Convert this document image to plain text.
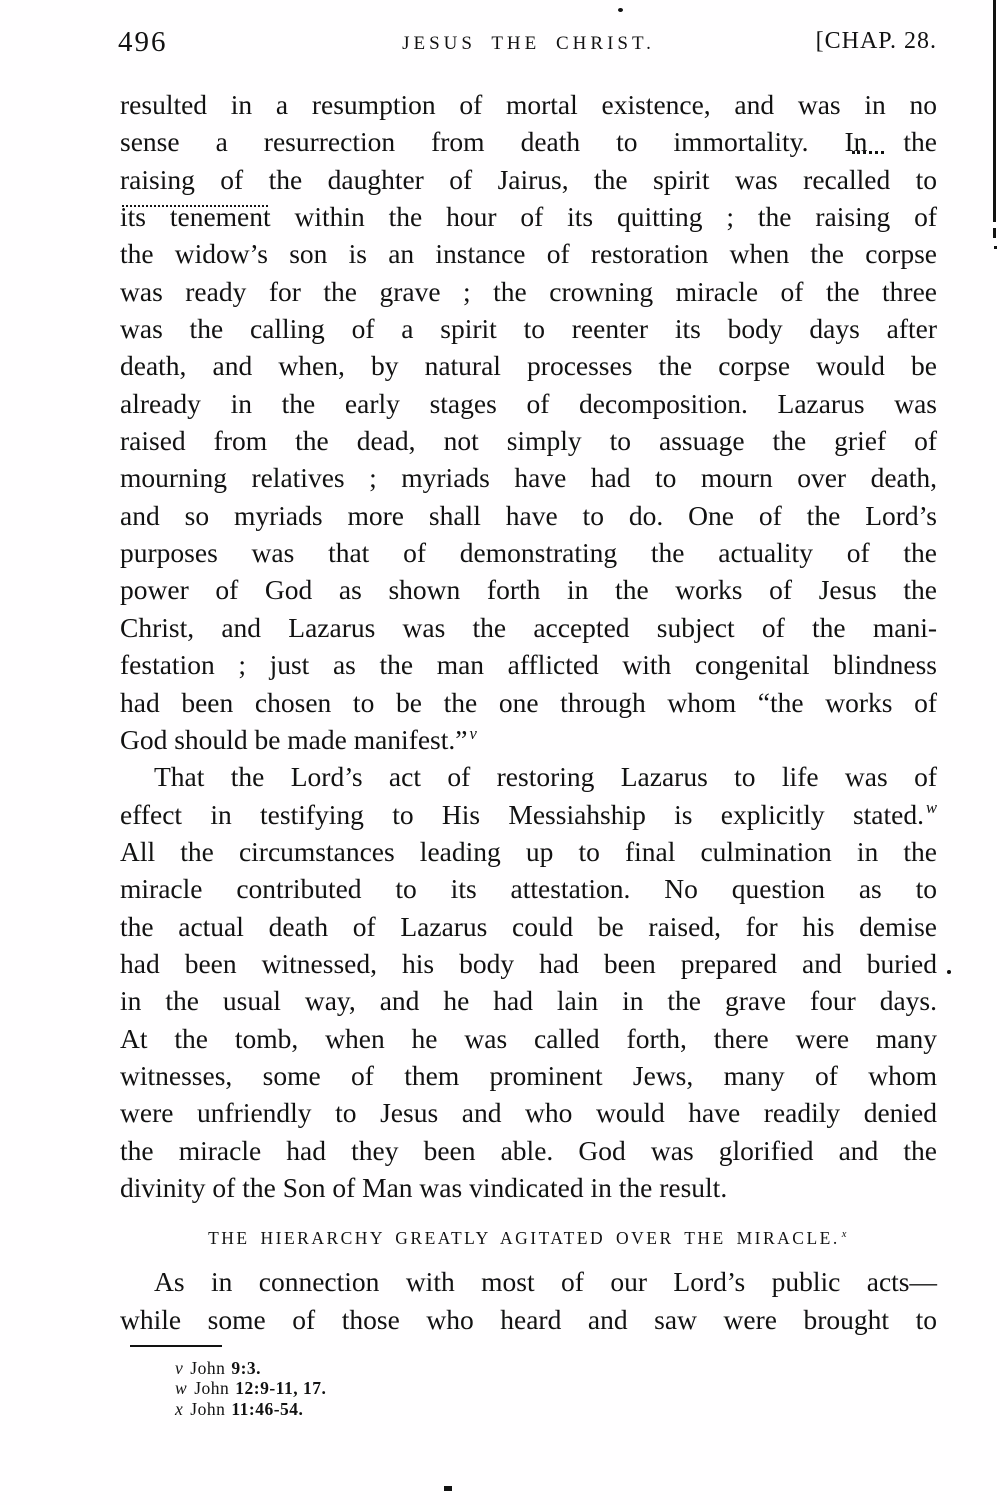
496	JESUS THE CHRIST.	[CHAP. 28.
resulted in a resumption of mortal existence, and was in no
sense a resurrection from death to immortality. In the
raising of the daughter of Jairus, the spirit was recalled to
its tenement within the hour of its quitting ; the raising of
the widow’s son is an instance of restoration when the corpse
was ready for the grave ; the crowning miracle of the three
was the calling of a spirit to reenter its body days after
death, and when, by natural processes the corpse would be
already in the early stages of decomposition. Lazarus was
raised from the dead, not simply to assuage the grief of
mourning relatives ; myriads have had to mourn over death,
and so myriads more shall have to do. One of the Lord’s
purposes was that of demonstrating the actuality of the
power of God as shown forth in the works of Jesus the
Christ, and Lazarus was the accepted subject of the mani-
festation ; just as the man afflicted with congenital blindness
had been chosen to be the one through whom “the works of
God should be made manifest.” $^v$
That the Lord’s act of restoring Lazarus to life was of
effect in testifying to His Messiahship is explicitly stated. $^w$
All the circumstances leading up to final culmination in the
miracle contributed to its attestation. No question as to
the actual death of Lazarus could be raised, for his demise
had been witnessed, his body had been prepared and buried
in the usual way, and he had lain in the grave four days.
At the tomb, when he was called forth, there were many
witnesses, some of them prominent Jews, many of whom
were unfriendly to Jesus and who would have readily denied
the miracle had they been able. God was glorified and the
divinity of the Son of Man was vindicated in the result.
THE HIERARCHY GREATLY AGITATED OVER THE MIRACLE. $^x$
As in connection with most of our Lord’s public acts—
while some of those who heard and saw were brought to
v John 9:3.
w John 12:9-11, 17.
x John 11:46-54.
